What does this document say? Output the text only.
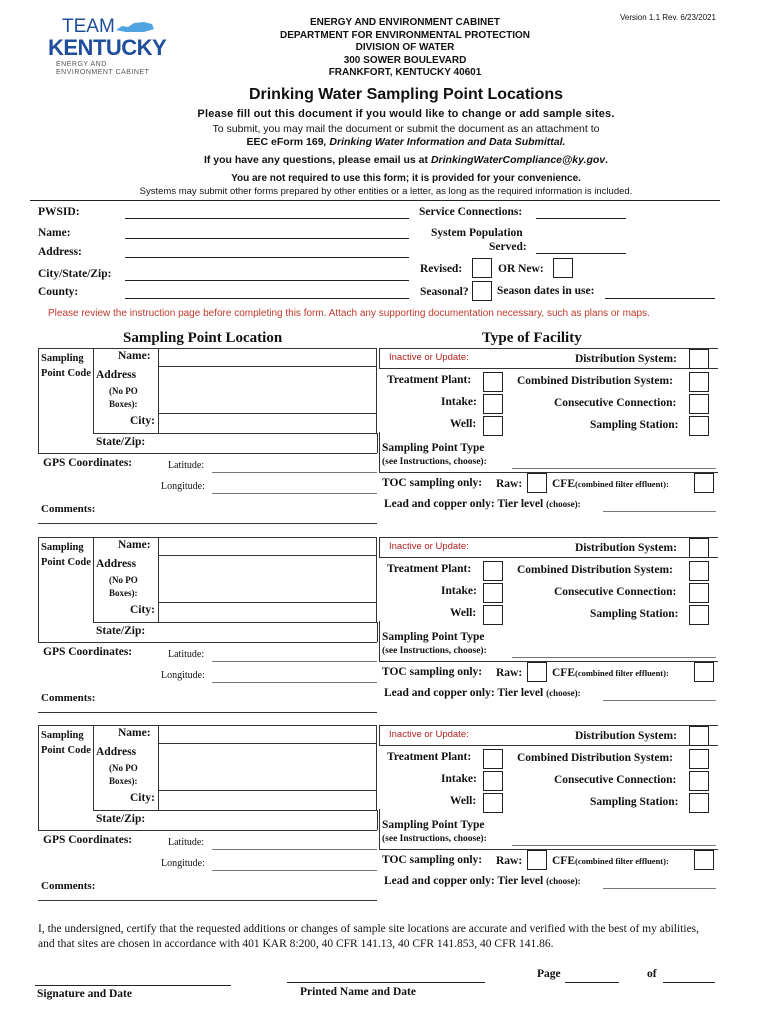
Version 1.1 Rev. 6/23/2021
TEAM
KENTUCKY
ENERGY AND
ENVIRONMENT CABINET
ENERGY AND ENVIRONMENT CABINET
DEPARTMENT FOR ENVIRONMENTAL PROTECTION
DIVISION OF WATER
300 SOWER BOULEVARD
FRANKFORT, KENTUCKY 40601
Drinking Water Sampling Point Locations
Please fill out this document if you would like to change or add sample sites.
To submit, you may mail the document or submit the document as an attachment to
EEC eForm 169, Drinking Water Information and Data Submittal.
If you have any questions, please email us at DrinkingWaterCompliance@ky.gov.
You are not required to use this form; it is provided for your convenience.
Systems may submit other forms prepared by other entities or a letter, as long as the required information is included.
PWSID:
Name:
Address:
City/State/Zip:
County:
Service Connections:
System Population
Served:
Revised:	OR New:
Seasonal? Season dates in use:
Please review the instruction page before completing this form. Attach any supporting documentation necessary, such as plans or maps.
Sampling Point Location	Type of Facility
Sampling
Point Code
Name:
Address
(No PO
Boxes):
City:
State/Zip:
GPS Coordinates:	Latitude:
Longitude:
Comments:
Inactive or Update:	Distribution System:
Treatment Plant:	Combined Distribution System:
Intake:	Consecutive Connection:
Well:	Sampling Station:
Sampling Point Type
(see Instructions, choose):
TOC sampling only: Raw:	CFE(combined filter effluent):
Lead and copper only: Tier level (choose):
Sampling
Point Code
Name:
Address
(No PO
Boxes):
City:
State/Zip:
GPS Coordinates:	Latitude:
Longitude:
Comments:
Inactive or Update:	Distribution System:
Treatment Plant:	Combined Distribution System:
Intake:	Consecutive Connection:
Well:	Sampling Station:
Sampling Point Type
(see Instructions, choose):
TOC sampling only: Raw:	CFE(combined filter effluent):
Lead and copper only: Tier level (choose):
Sampling
Point Code
Name:
Address
(No PO
Boxes):
City:
State/Zip:
GPS Coordinates:	Latitude:
Longitude:
Comments:
Inactive or Update:	Distribution System:
Treatment Plant:	Combined Distribution System:
Intake:	Consecutive Connection:
Well:	Sampling Station:
Sampling Point Type
(see Instructions, choose):
TOC sampling only: Raw:	CFE(combined filter effluent):
Lead and copper only: Tier level (choose):
I, the undersigned, certify that the requested additions or changes of sample site locations are accurate and verified with the best of my abilities, and that sites are chosen in accordance with 401 KAR 8:200, 40 CFR 141.13, 40 CFR 141.853, 40 CFR 141.86.
Page	of
Signature and Date	Printed Name and Date
